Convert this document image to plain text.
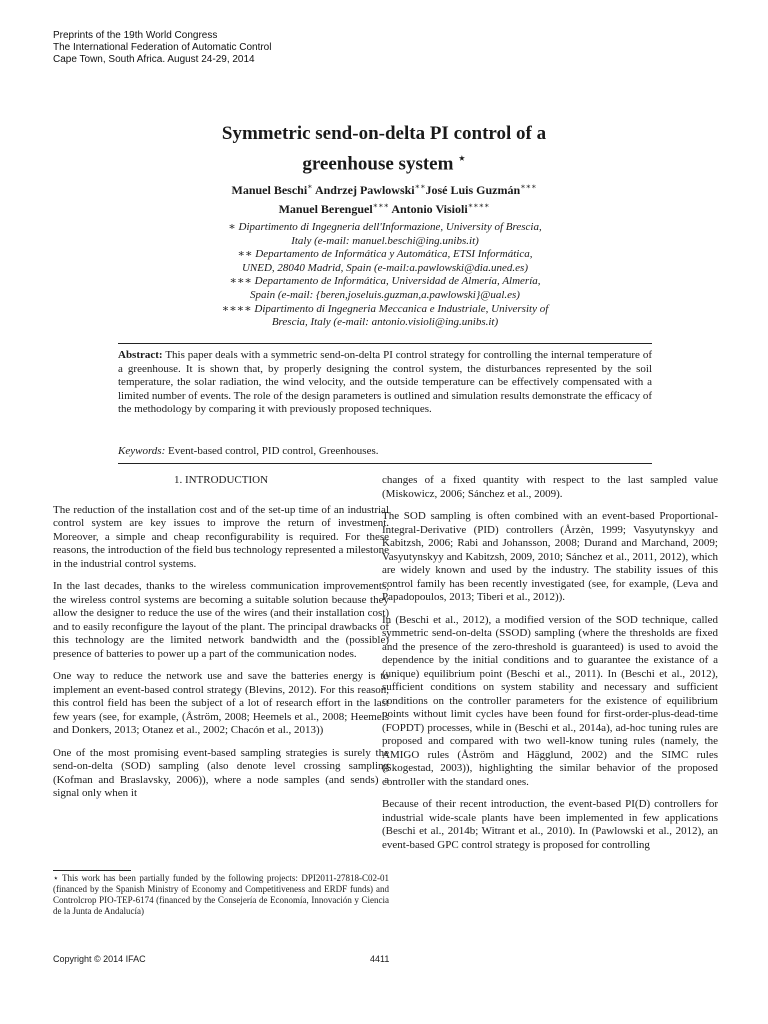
Preprints of the 19th World Congress
The International Federation of Automatic Control
Cape Town, South Africa. August 24-29, 2014
Symmetric send-on-delta PI control of a
greenhouse system ⋆
Manuel Beschi∗ Andrzej Pawlowski∗∗José Luis Guzmán∗∗∗
Manuel Berenguel∗∗∗ Antonio Visioli∗∗∗∗

∗ Dipartimento di Ingegneria dell'Informazione, University of Brescia,

Italy (e-mail: manuel.beschi@ing.unibs.it)

∗∗ Departamento de Informática y Automática, ETSI Informática,

UNED, 28040 Madrid, Spain (e-mail:a.pawlowski@dia.uned.es)

∗∗∗ Departamento de Informática, Universidad de Almería, Almería,

Spain (e-mail: {beren,joseluis.guzman,a.pawlowski}@ual.es)

∗∗∗∗ Dipartimento di Ingegneria Meccanica e Industriale, University of

Brescia, Italy (e-mail: antonio.visioli@ing.unibs.it)

Abstract: This paper deals with a symmetric send-on-delta PI control strategy for controlling the internal temperature of a greenhouse. It is shown that, by properly designing the control system, the disturbances represented by the soil temperature, the solar radiation, the wind velocity, and the outside temperature can be effectively compensated with a limited number of events. The role of the design parameters is outlined and simulation results demonstrate the efficacy of the methodology by comparing it with previously proposed techniques.
Keywords: Event-based control, PID control, Greenhouses.

1. INTRODUCTION

The reduction of the installation cost and of the set-up time of an industrial control system are key issues to improve the return of investment. Moreover, a simple and cheap reconfigurability is required. For these reasons, the introduction of the field bus technology represented a milestone in the industrial control systems.

In the last decades, thanks to the wireless communication improvements, the wireless control systems are becoming a suitable solution because they allow the designer to reduce the use of the wires (and their installation cost) and to easily reconfigure the layout of the plant. The principal drawbacks of this technology are the limited network bandwidth and the (possible) presence of batteries to power up a part of the communication nodes.

One way to reduce the network use and save the batteries energy is to implement an event-based control strategy (Blevins, 2012). For this reason, this control field has been the subject of a lot of research effort in the last few years (see, for example, (Åström, 2008; Heemels et al., 2008; Heemels and Donkers, 2013; Otanez et al., 2002; Chacón et al., 2013))

One of the most promising event-based sampling strategies is surely the send-on-delta (SOD) sampling (also denote level crossing sampling (Kofman and Braslavsky, 2006)), where a node samples (and sends) a signal only when it

⋆ This work has been partially funded by the following projects: DPI2011-27818-C02-01 (financed by the Spanish Ministry of Economy and Competitiveness and ERDF funds) and Controlcrop PIO-TEP-6174 (financed by the Consejería de Economía, Innovación y Ciencia de la Junta de Andalucía)

changes of a fixed quantity with respect to the last sampled value (Miskowicz, 2006; Sánchez et al., 2009).

The SOD sampling is often combined with an event-based Proportional-Integral-Derivative (PID) controllers (Årzèn, 1999; Vasyutynskyy and Kabitzsh, 2006; Rabi and Johansson, 2008; Durand and Marchand, 2009; Vasyutynskyy and Kabitzsh, 2009, 2010; Sánchez et al., 2011, 2012), which are widely known and used by the industry. The stability issues of this control family has been recently investigated (see, for example, (Leva and Papadopoulos, 2013; Tiberi et al., 2012)).

In (Beschi et al., 2012), a modified version of the SOD technique, called symmetric send-on-delta (SSOD) sampling (where the thresholds are fixed and the presence of the zero-threshold is guaranteed) is used to avoid the dependence by the initial conditions and to guarantee the existance of a (unique) equilibrium point (Beschi et al., 2011). In (Beschi et al., 2012), sufficient conditions on system stability and necessary and sufficient conditions on the controller parameters for the existence of equilibrium points without limit cycles have been found for first-order-plus-dead-time (FOPDT) processes, while in (Beschi et al., 2014a), ad-hoc tuning rules are proposed and compared with two well-know tuning rules (namely, the AMIGO rules (Åström and Hägglund, 2002) and the SIMC rules (Skogestad, 2003)), highlighting the similar behavior of the proposed controller with the standard ones.

Because of their recent introduction, the event-based PI(D) controllers for industrial wide-scale plants have been implemented in few applications (Beschi et al., 2014b; Witrant et al., 2010). In (Pawlowski et al., 2012), an event-based GPC control strategy is proposed for controlling

Copyright © 2014 IFAC	4411
